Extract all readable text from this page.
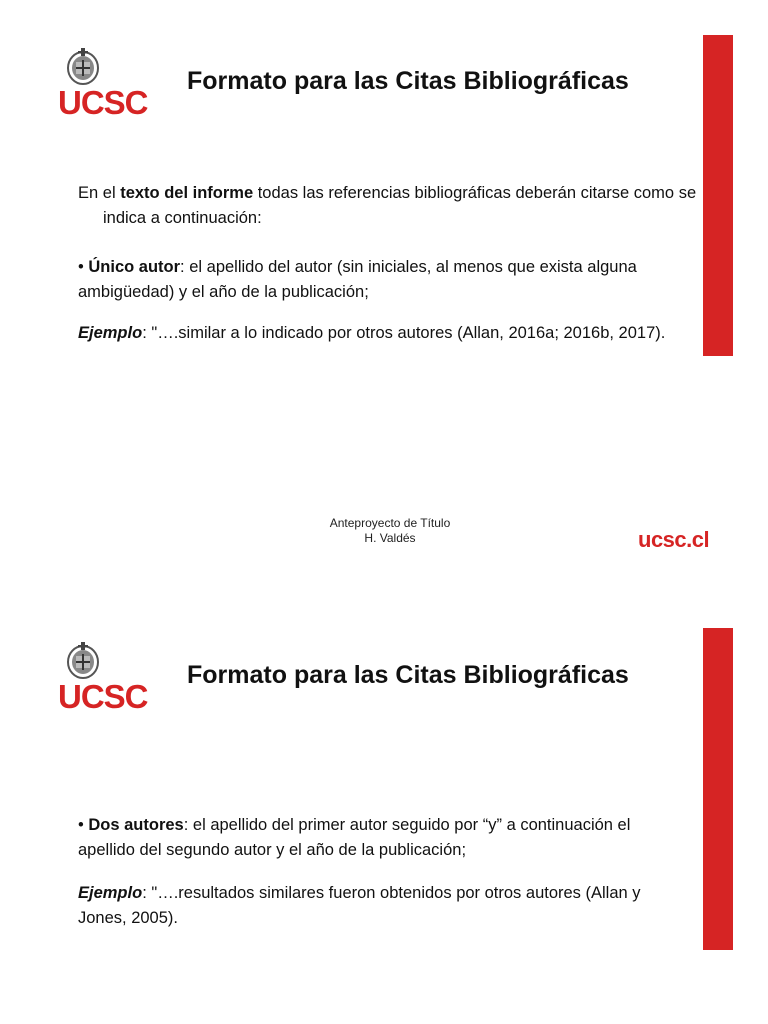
UCSC
Formato para las Citas Bibliográficas
En el texto del informe todas las referencias bibliográficas deberán citarse como se indica a continuación:
• Único autor: el apellido del autor (sin iniciales, al menos que exista alguna ambigüedad) y el año de la publicación;
Ejemplo: "….similar a lo indicado por otros autores (Allan, 2016a; 2016b, 2017).
Anteproyecto de Título
H. Valdés	ucsc.cl
UCSC
Formato para las Citas Bibliográficas
• Dos autores: el apellido del primer autor seguido por “y” a continuación el apellido del segundo autor y el año de la publicación;
Ejemplo: "….resultados similares fueron obtenidos por otros autores (Allan y Jones, 2005).
